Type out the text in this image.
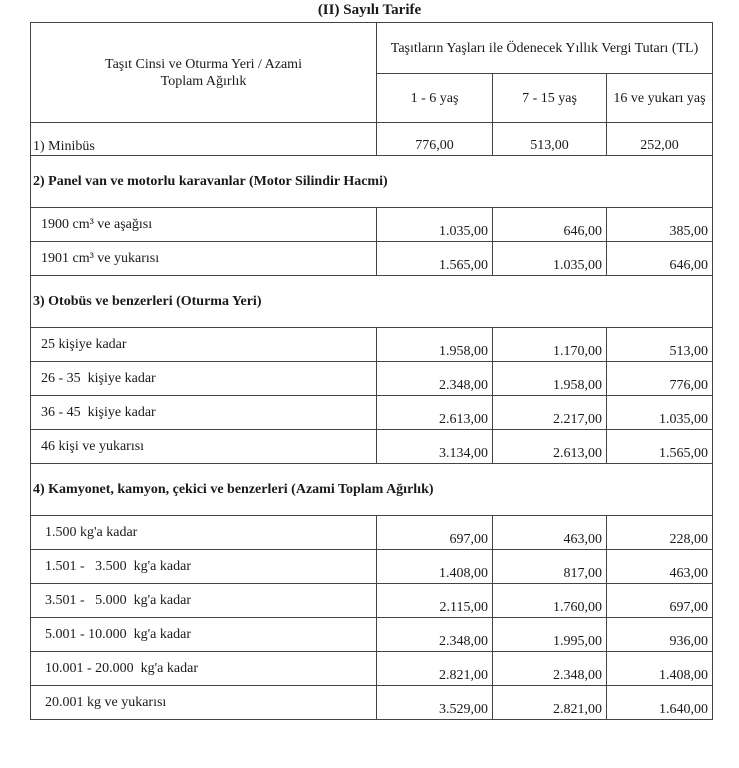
(II) Sayılı Tarife
Taşıt Cinsi ve Oturma Yeri / Azami Toplam Ağırlık	Taşıtların Yaşları ile Ödenecek Yıllık Vergi Tutarı (TL)		
	1 - 6 yaş	7 - 15 yaş	16 ve yukarı yaş
1) Minibüs	776,00	513,00	252,00
2) Panel van ve motorlu karavanlar (Motor Silindir Hacmi)			
1900 cm³ ve aşağısı	1.035,00	646,00	385,00
1901 cm³ ve yukarısı	1.565,00	1.035,00	646,00
3) Otobüs ve benzerleri (Oturma Yeri)			
25 kişiye kadar	1.958,00	1.170,00	513,00
26 - 35  kişiye kadar	2.348,00	1.958,00	776,00
36 - 45  kişiye kadar	2.613,00	2.217,00	1.035,00
46 kişi ve yukarısı	3.134,00	2.613,00	1.565,00
4) Kamyonet, kamyon, çekici ve benzerleri (Azami Toplam Ağırlık)			
1.500 kg'a kadar	697,00	463,00	228,00
1.501 -   3.500  kg'a kadar	1.408,00	817,00	463,00
3.501 -   5.000  kg'a kadar	2.115,00	1.760,00	697,00
5.001 - 10.000  kg'a kadar	2.348,00	1.995,00	936,00
10.001 - 20.000  kg'a kadar	2.821,00	2.348,00	1.408,00
20.001 kg ve yukarısı	3.529,00	2.821,00	1.640,00
